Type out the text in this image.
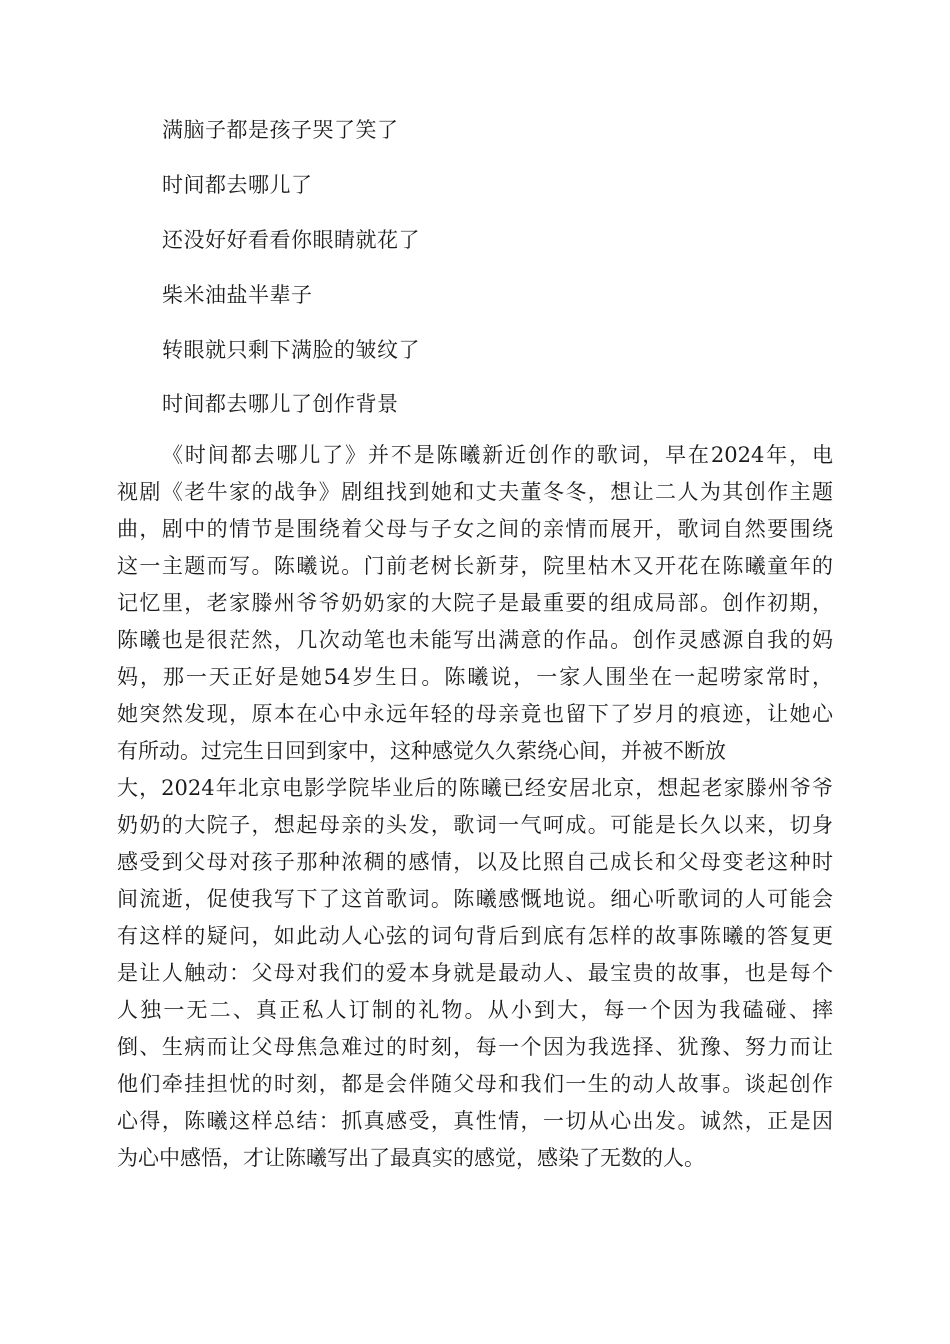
满脑子都是孩子哭了笑了
时间都去哪儿了
还没好好看看你眼睛就花了
柴米油盐半辈子
转眼就只剩下满脸的皱纹了
时间都去哪儿了创作背景
《时间都去哪儿了》并不是陈曦新近创作的歌词，早在2024年，电
视剧《老牛家的战争》剧组找到她和丈夫董冬冬，想让二人为其创作主题
曲，剧中的情节是围绕着父母与子女之间的亲情而展开，歌词自然要围绕
这一主题而写。陈曦说。门前老树长新芽，院里枯木又开花在陈曦童年的
记忆里，老家滕州爷爷奶奶家的大院子是最重要的组成局部。创作初期，
陈曦也是很茫然，几次动笔也未能写出满意的作品。创作灵感源自我的妈
妈，那一天正好是她54岁生日。陈曦说，一家人围坐在一起唠家常时，
她突然发现，原本在心中永远年轻的母亲竟也留下了岁月的痕迹，让她心
有所动。过完生日回到家中，这种感觉久久萦绕心间，并被不断放
大，2024年北京电影学院毕业后的陈曦已经安居北京，想起老家滕州爷爷
奶奶的大院子，想起母亲的头发，歌词一气呵成。可能是长久以来，切身
感受到父母对孩子那种浓稠的感情，以及比照自己成长和父母变老这种时
间流逝，促使我写下了这首歌词。陈曦感慨地说。细心听歌词的人可能会
有这样的疑问，如此动人心弦的词句背后到底有怎样的故事陈曦的答复更
是让人触动：父母对我们的爱本身就是最动人、最宝贵的故事，也是每个
人独一无二、真正私人订制的礼物。从小到大，每一个因为我磕碰、摔
倒、生病而让父母焦急难过的时刻，每一个因为我选择、犹豫、努力而让
他们牵挂担忧的时刻，都是会伴随父母和我们一生的动人故事。谈起创作
心得，陈曦这样总结：抓真感受，真性情，一切从心出发。诚然，正是因
为心中感悟，才让陈曦写出了最真实的感觉，感染了无数的人。
